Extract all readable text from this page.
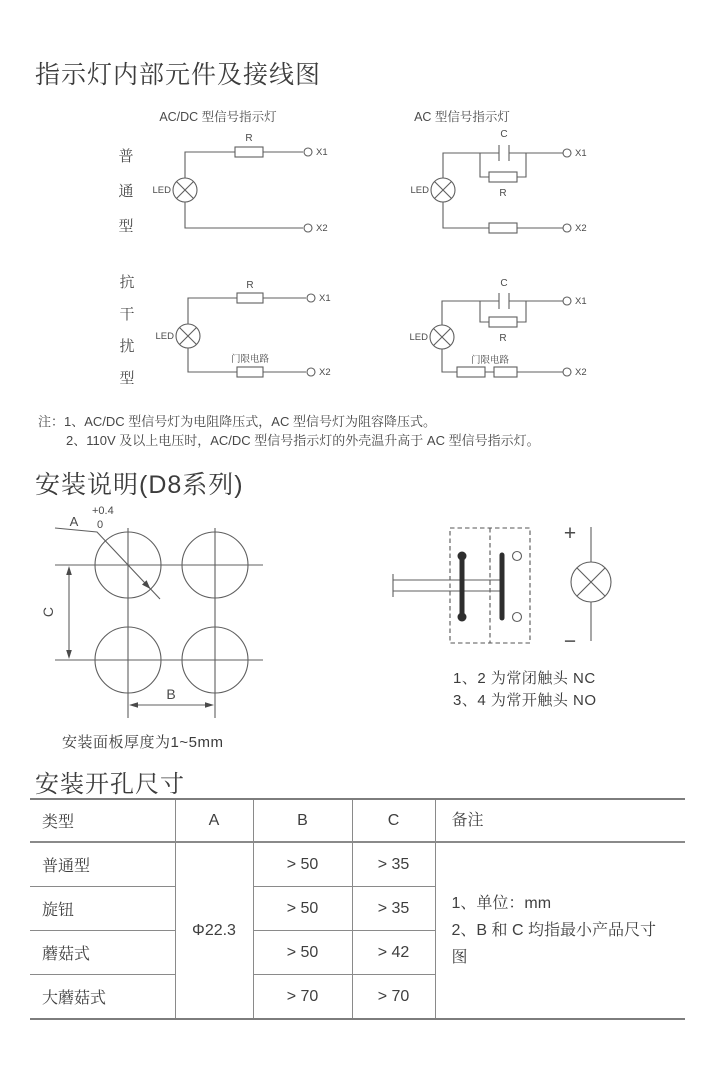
指示灯内部元件及接线图
AC/DC 型信号指示灯	AC 型信号指示灯
普
通
型
抗
干
扰
型
LED
R
X1
X2
LED
C
R
X1
X2
LED
R
门限电路
X1
X2
LED
C
R
门限电路
X1
X2
A
+0.4
0
C
B
+
−
注：1、AC/DC 型信号灯为电阻降压式，AC 型信号灯为阻容降压式。
2、110V 及以上电压时，AC/DC 型信号指示灯的外壳温升高于 AC 型信号指示灯。
安装说明(D8系列)
安装面板厚度为1~5mm
1、2 为常闭触头 NC
3、4 为常开触头 NO
安装开孔尺寸
类型	A	B	C	备注
普通型	Φ22.3	> 50	> 35	1、单位：mm
2、B 和 C 均指最小产品尺寸图

旋钮		> 50	> 35	
蘑菇式		> 50	> 42	
大蘑菇式		> 70	> 70	
